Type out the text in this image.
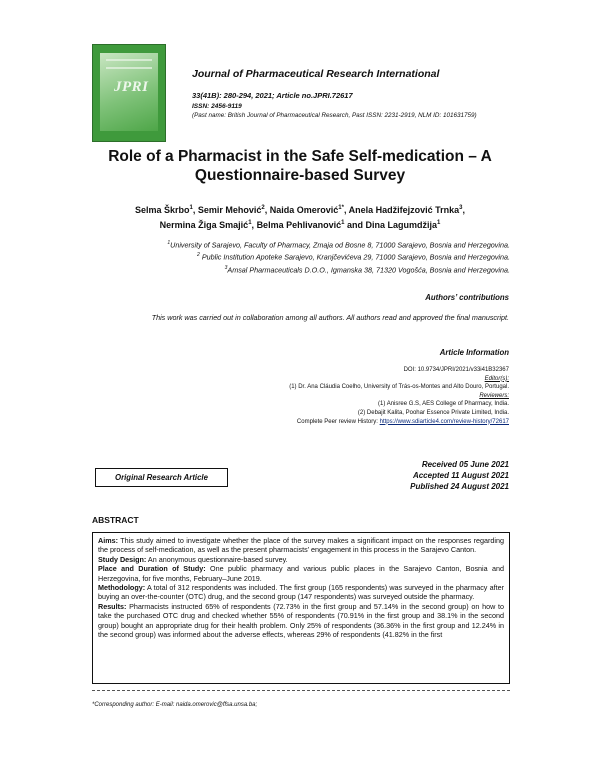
JPRI
Journal of Pharmaceutical Research International
33(41B): 280-294, 2021; Article no.JPRI.72617
ISSN: 2456-9119
(Past name: British Journal of Pharmaceutical Research, Past ISSN: 2231-2919, NLM ID: 101631759)
Role of a Pharmacist in the Safe Self-medication – A
Questionnaire-based Survey
Selma Škrbo$^1$, Semir Mehović$^2$, Naida Omerović$^{1*}$, Anela Hadžifejzović Trnka$^3$,
Nermina Žiga Smajić$^1$, Belma Pehlivanović$^1$ and Dina Lagumdžija$^1$
$^1$University of Sarajevo, Faculty of Pharmacy, Zmaja od Bosne 8, 71000 Sarajevo, Bosnia and Herzegovina.
$^2$ Public Institution Apoteke Sarajevo, Kranjčevićeva 29, 71000 Sarajevo, Bosnia and Herzegovina.
$^3$Amsal Pharmaceuticals D.O.O., Igmanska 38, 71320 Vogošća, Bosnia and Herzegovina.
Authors’ contributions
This work was carried out in collaboration among all authors. All authors read and approved the final manuscript.
Article Information
DOI: 10.9734/JPRI/2021/v33i41B32367
Editor(s):
(1) Dr. Ana Cláudia Coelho, University of Trás-os-Montes and Alto Douro, Portugal.
Reviewers:
(1) Anisree G.S, AES College of Pharmacy, India.
(2) Debajit Kalita, Poohar Essence Private Limited, India.
Complete Peer review History: https://www.sdiarticle4.com/review-history/72617
Original Research Article
Received 05 June 2021
Accepted 11 August 2021
Published 24 August 2021
ABSTRACT
Aims: This study aimed to investigate whether the place of the survey makes a significant impact on the responses regarding the process of self-medication, as well as the present pharmacists’ engagement in this process in the Sarajevo Canton.
Study Design: An anonymous questionnaire-based survey.
Place and Duration of Study: One public pharmacy and various public places in the Sarajevo Canton, Bosnia and Herzegovina, for five months, February–June 2019.
Methodology: A total of 312 respondents was included. The first group (165 respondents) was surveyed in the pharmacy after buying an over-the-counter (OTC) drug, and the second group (147 respondents) was surveyed outside the pharmacy.
Results: Pharmacists instructed 65% of respondents (72.73% in the first group and 57.14% in the second group) on how to take the purchased OTC drug and checked whether 55% of respondents (70.91% in the first group and 38.1% in the second group) bought an appropriate drug for their health problem. Only 25% of respondents (36.36% in the first group and 12.24% in the second group) was informed about the adverse effects, whereas 29% of respondents (41.82% in the first
*Corresponding author: E-mail: naida.omerovic@ffsa.unsa.ba;
